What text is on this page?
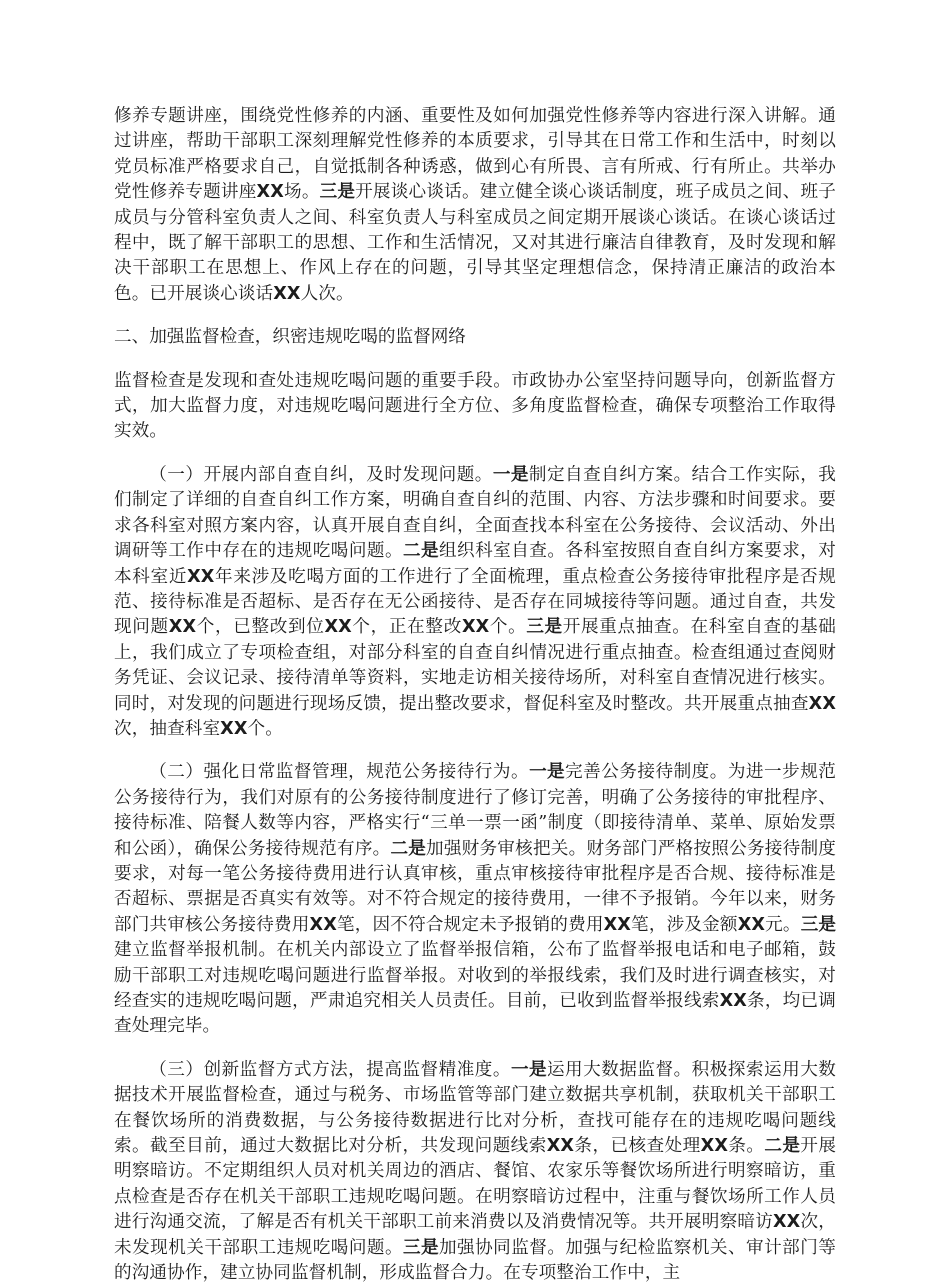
修养专题讲座，围绕党性修养的内涵、重要性及如何加强党性修养等内容进行深入讲解。通过讲座，帮助干部职工深刻理解党性修养的本质要求，引导其在日常工作和生活中，时刻以党员标准严格要求自己，自觉抵制各种诱惑，做到心有所畏、言有所戒、行有所止。共举办党性修养专题讲座XX场。三是开展谈心谈话。建立健全谈心谈话制度，班子成员之间、班子成员与分管科室负责人之间、科室负责人与科室成员之间定期开展谈心谈话。在谈心谈话过程中，既了解干部职工的思想、工作和生活情况，又对其进行廉洁自律教育，及时发现和解决干部职工在思想上、作风上存在的问题，引导其坚定理想信念，保持清正廉洁的政治本色。已开展谈心谈话XX人次。

二、加强监督检查，织密违规吃喝的监督网络

监督检查是发现和查处违规吃喝问题的重要手段。市政协办公室坚持问题导向，创新监督方式，加大监督力度，对违规吃喝问题进行全方位、多角度监督检查，确保专项整治工作取得实效。

（一）开展内部自查自纠，及时发现问题。一是制定自查自纠方案。结合工作实际，我们制定了详细的自查自纠工作方案，明确自查自纠的范围、内容、方法步骤和时间要求。要求各科室对照方案内容，认真开展自查自纠，全面查找本科室在公务接待、会议活动、外出调研等工作中存在的违规吃喝问题。二是组织科室自查。各科室按照自查自纠方案要求，对本科室近XX年来涉及吃喝方面的工作进行了全面梳理，重点检查公务接待审批程序是否规范、接待标准是否超标、是否存在无公函接待、是否存在同城接待等问题。通过自查，共发现问题XX个，已整改到位XX个，正在整改XX个。三是开展重点抽查。在科室自查的基础上，我们成立了专项检查组，对部分科室的自查自纠情况进行重点抽查。检查组通过查阅财务凭证、会议记录、接待清单等资料，实地走访相关接待场所，对科室自查情况进行核实。同时，对发现的问题进行现场反馈，提出整改要求，督促科室及时整改。共开展重点抽查XX次，抽查科室XX个。

（二）强化日常监督管理，规范公务接待行为。一是完善公务接待制度。为进一步规范公务接待行为，我们对原有的公务接待制度进行了修订完善，明确了公务接待的审批程序、接待标准、陪餐人数等内容，严格实行“三单一票一函”制度（即接待清单、菜单、原始发票和公函），确保公务接待规范有序。二是加强财务审核把关。财务部门严格按照公务接待制度要求，对每一笔公务接待费用进行认真审核，重点审核接待审批程序是否合规、接待标准是否超标、票据是否真实有效等。对不符合规定的接待费用，一律不予报销。今年以来，财务部门共审核公务接待费用XX笔，因不符合规定未予报销的费用XX笔，涉及金额XX元。三是建立监督举报机制。在机关内部设立了监督举报信箱，公布了监督举报电话和电子邮箱，鼓励干部职工对违规吃喝问题进行监督举报。对收到的举报线索，我们及时进行调查核实，对经查实的违规吃喝问题，严肃追究相关人员责任。目前，已收到监督举报线索XX条，均已调查处理完毕。

（三）创新监督方式方法，提高监督精准度。一是运用大数据监督。积极探索运用大数据技术开展监督检查，通过与税务、市场监管等部门建立数据共享机制，获取机关干部职工在餐饮场所的消费数据，与公务接待数据进行比对分析，查找可能存在的违规吃喝问题线索。截至目前，通过大数据比对分析，共发现问题线索XX条，已核查处理XX条。二是开展明察暗访。不定期组织人员对机关周边的酒店、餐馆、农家乐等餐饮场所进行明察暗访，重点检查是否存在机关干部职工违规吃喝问题。在明察暗访过程中，注重与餐饮场所工作人员进行沟通交流，了解是否有机关干部职工前来消费以及消费情况等。共开展明察暗访XX次，未发现机关干部职工违规吃喝问题。三是加强协同监督。加强与纪检监察机关、审计部门等的沟通协作，建立协同监督机制，形成监督合力。在专项整治工作中，主
